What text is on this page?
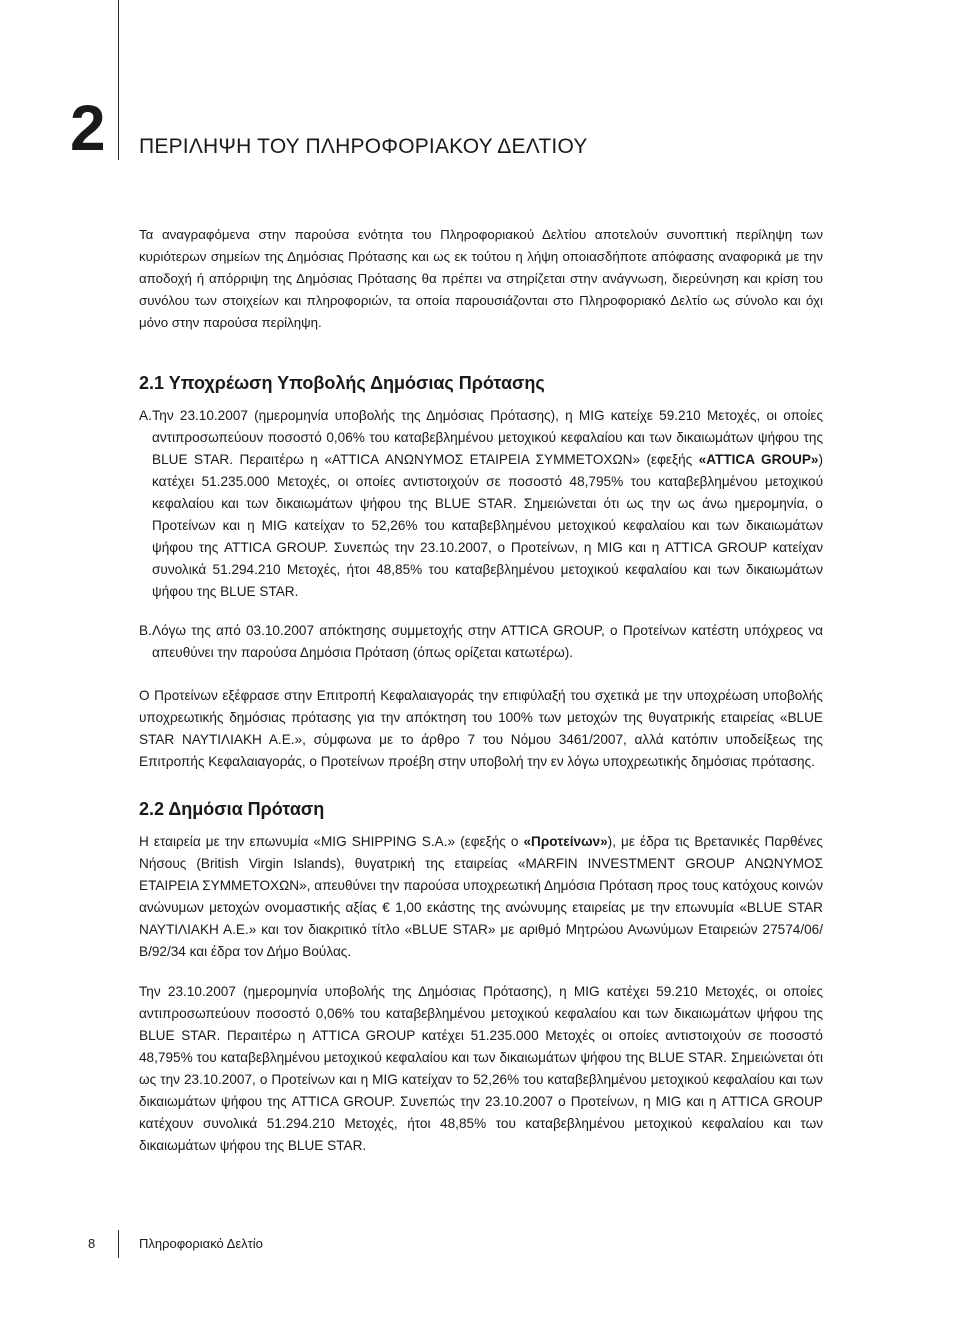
2 ΠΕΡΙΛΗΨΗ ΤΟΥ ΠΛΗΡΟΦΟΡΙΑΚΟΥ ΔΕΛΤΙΟΥ

Τα αναγραφόμενα στην παρούσα ενότητα του Πληροφοριακού Δελτίου αποτελούν συνοπτική περίληψη των κυριότερων σημείων της Δημόσιας Πρότασης και ως εκ τούτου η λήψη οποιασδήποτε απόφασης αναφορικά με την αποδοχή ή απόρριψη της Δημόσιας Πρότασης θα πρέπει να στηρίζεται στην ανάγνωση, διερεύνηση και κρίση του συνόλου των στοιχείων και πληροφοριών, τα οποία παρουσιάζονται στο Πληροφοριακό Δελτίο ως σύνολο και όχι μόνο στην παρούσα περίληψη.

2.1 Υποχρέωση Υποβολής Δημόσιας Πρότασης
Α. Την 23.10.2007 (ημερομηνία υποβολής της Δημόσιας Πρότασης), η MIG κατείχε 59.210 Μετοχές, οι οποίες αντιπροσωπεύουν ποσοστό 0,06% του καταβεβλημένου μετοχικού κεφαλαίου και των δικαιωμάτων ψήφου της BLUE STAR. Περαιτέρω η «ATTICA ΑΝΩΝΥΜΟΣ ΕΤΑΙΡΕΙΑ ΣΥΜΜΕΤΟΧΩΝ» (εφεξής «ATTICA GROUP») κατέχει 51.235.000 Μετοχές, οι οποίες αντιστοιχούν σε ποσοστό 48,795% του καταβεβλημένου μετοχικού κεφαλαίου και των δικαιωμάτων ψήφου της BLUE STAR. Σημειώνεται ότι ως την ως άνω ημερομηνία, ο Προτείνων και η MIG κατείχαν το 52,26% του καταβεβλημένου μετοχικού κεφαλαίου και των δικαιωμάτων ψήφου της ATTICA GROUP. Συνεπώς την 23.10.2007, ο Προτείνων, η MIG και η ATTICA GROUP κατείχαν συνολικά 51.294.210 Μετοχές, ήτοι 48,85% του καταβεβλημένου μετοχικού κεφαλαίου και των δικαιωμάτων ψήφου της BLUE STAR.
Β. Λόγω της από 03.10.2007 απόκτησης συμμετοχής στην ATTICA GROUP, ο Προτείνων κατέστη υπόχρεος να απευθύνει την παρούσα Δημόσια Πρόταση (όπως ορίζεται κατωτέρω).

Ο Προτείνων εξέφρασε στην Επιτροπή Κεφαλαιαγοράς την επιφύλαξή του σχετικά με την υποχρέωση υποβολής υποχρεωτικής δημόσιας πρότασης για την απόκτηση του 100% των μετοχών της θυγατρικής εταιρείας «BLUE STAR ΝΑΥΤΙΛΙΑΚΗ Α.Ε.», σύμφωνα με το άρθρο 7 του Νόμου 3461/2007, αλλά κατόπιν υποδείξεως της Επιτροπής Κεφαλαιαγοράς, ο Προτείνων προέβη στην υποβολή την εν λόγω υποχρεωτικής δημόσιας πρότασης.

2.2 Δημόσια Πρόταση

Η εταιρεία με την επωνυμία «MIG SHIPPING S.A.» (εφεξής ο «Προτείνων»), με έδρα τις Βρετανικές Παρθένες Νήσους (British Virgin Islands), θυγατρική της εταιρείας «MARFIN INVESTMENT GROUP ΑΝΩΝΥΜΟΣ ΕΤΑΙΡΕΙΑ ΣΥΜΜΕΤΟΧΩΝ», απευθύνει την παρούσα υποχρεωτική Δημόσια Πρόταση προς τους κατόχους κοινών ανώνυμων μετοχών ονομαστικής αξίας € 1,00 εκάστης της ανώνυμης εταιρείας με την επωνυμία «BLUE STAR ΝΑΥΤΙΛΙΑΚΗ Α.Ε.» και τον διακριτικό τίτλο «BLUE STAR» με αριθμό Μητρώου Ανωνύμων Εταιρειών 27574/06/Β/92/34 και έδρα τον Δήμο Βούλας.

Την 23.10.2007 (ημερομηνία υποβολής της Δημόσιας Πρότασης), η MIG κατέχει 59.210 Μετοχές, οι οποίες αντιπροσωπεύουν ποσοστό 0,06% του καταβεβλημένου μετοχικού κεφαλαίου και των δικαιωμάτων ψήφου της BLUE STAR. Περαιτέρω η ATTICA GROUP κατέχει 51.235.000 Μετοχές οι οποίες αντιστοιχούν σε ποσοστό 48,795% του καταβεβλημένου μετοχικού κεφαλαίου και των δικαιωμάτων ψήφου της BLUE STAR. Σημειώνεται ότι ως την 23.10.2007, ο Προτείνων και η MIG κατείχαν το 52,26% του καταβεβλημένου μετοχικού κεφαλαίου και των δικαιωμάτων ψήφου της ATTICA GROUP. Συνεπώς την 23.10.2007 ο Προτείνων, η MIG και η ATTICA GROUP κατέχουν συνολικά 51.294.210 Μετοχές, ήτοι 48,85% του καταβεβλημένου μετοχικού κεφαλαίου και των δικαιωμάτων ψήφου της BLUE STAR.

8	Πληροφοριακό Δελτίο
